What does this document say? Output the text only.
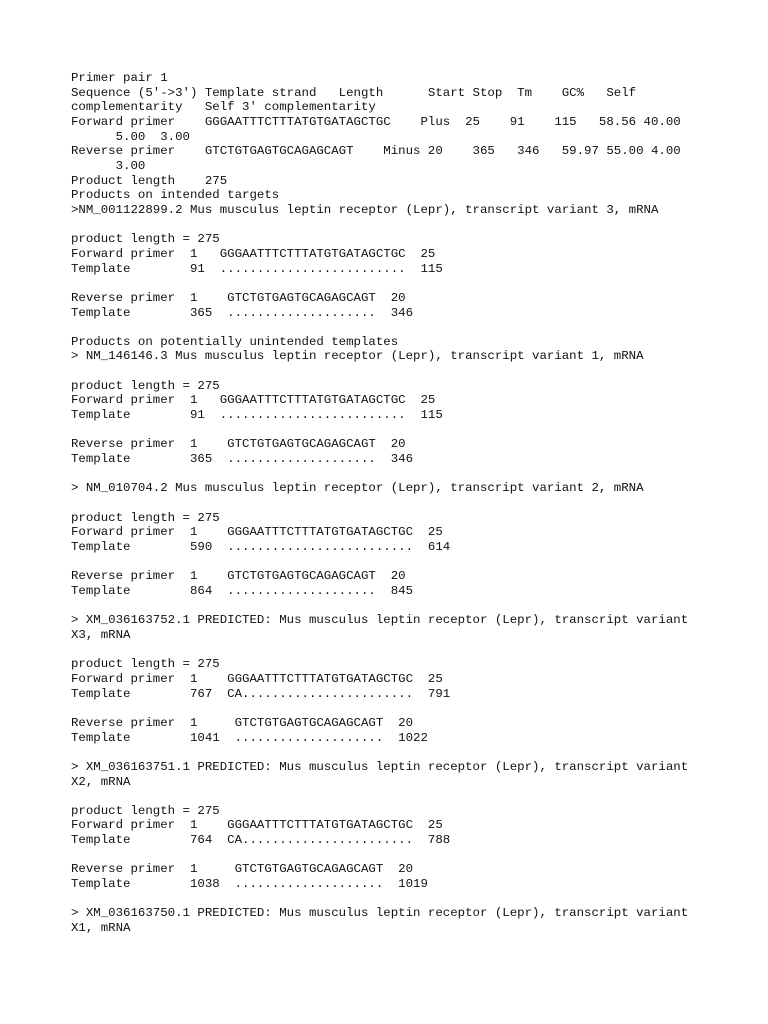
Primer pair 1
Sequence (5'->3') Template strand   Length      Start Stop  Tm    GC%   Self
complementarity   Self 3' complementarity
Forward primer    GGGAATTTCTTTATGTGATAGCTGC    Plus  25    91    115   58.56 40.00
5.00  3.00
Reverse primer    GTCTGTGAGTGCAGAGCAGT    Minus 20    365   346   59.97 55.00 4.00
3.00
Product length    275
Products on intended targets
>NM_001122899.2 Mus musculus leptin receptor (Lepr), transcript variant 3, mRNA
product length = 275
Forward primer  1   GGGAATTTCTTTATGTGATAGCTGC  25
Template        91  .........................  115
Reverse primer  1    GTCTGTGAGTGCAGAGCAGT  20
Template        365  ....................  346
Products on potentially unintended templates
> NM_146146.3 Mus musculus leptin receptor (Lepr), transcript variant 1, mRNA
product length = 275
Forward primer  1   GGGAATTTCTTTATGTGATAGCTGC  25
Template        91  .........................  115
Reverse primer  1    GTCTGTGAGTGCAGAGCAGT  20
Template        365  ....................  346
> NM_010704.2 Mus musculus leptin receptor (Lepr), transcript variant 2, mRNA
product length = 275
Forward primer  1    GGGAATTTCTTTATGTGATAGCTGC  25
Template        590  .........................  614
Reverse primer  1    GTCTGTGAGTGCAGAGCAGT  20
Template        864  ....................  845
> XM_036163752.1 PREDICTED: Mus musculus leptin receptor (Lepr), transcript variant
X3, mRNA
product length = 275
Forward primer  1    GGGAATTTCTTTATGTGATAGCTGC  25
Template        767  CA.......................  791
Reverse primer  1     GTCTGTGAGTGCAGAGCAGT  20
Template        1041  ....................  1022
> XM_036163751.1 PREDICTED: Mus musculus leptin receptor (Lepr), transcript variant
X2, mRNA
product length = 275
Forward primer  1    GGGAATTTCTTTATGTGATAGCTGC  25
Template        764  CA.......................  788
Reverse primer  1     GTCTGTGAGTGCAGAGCAGT  20
Template        1038  ....................  1019
> XM_036163750.1 PREDICTED: Mus musculus leptin receptor (Lepr), transcript variant
X1, mRNA
